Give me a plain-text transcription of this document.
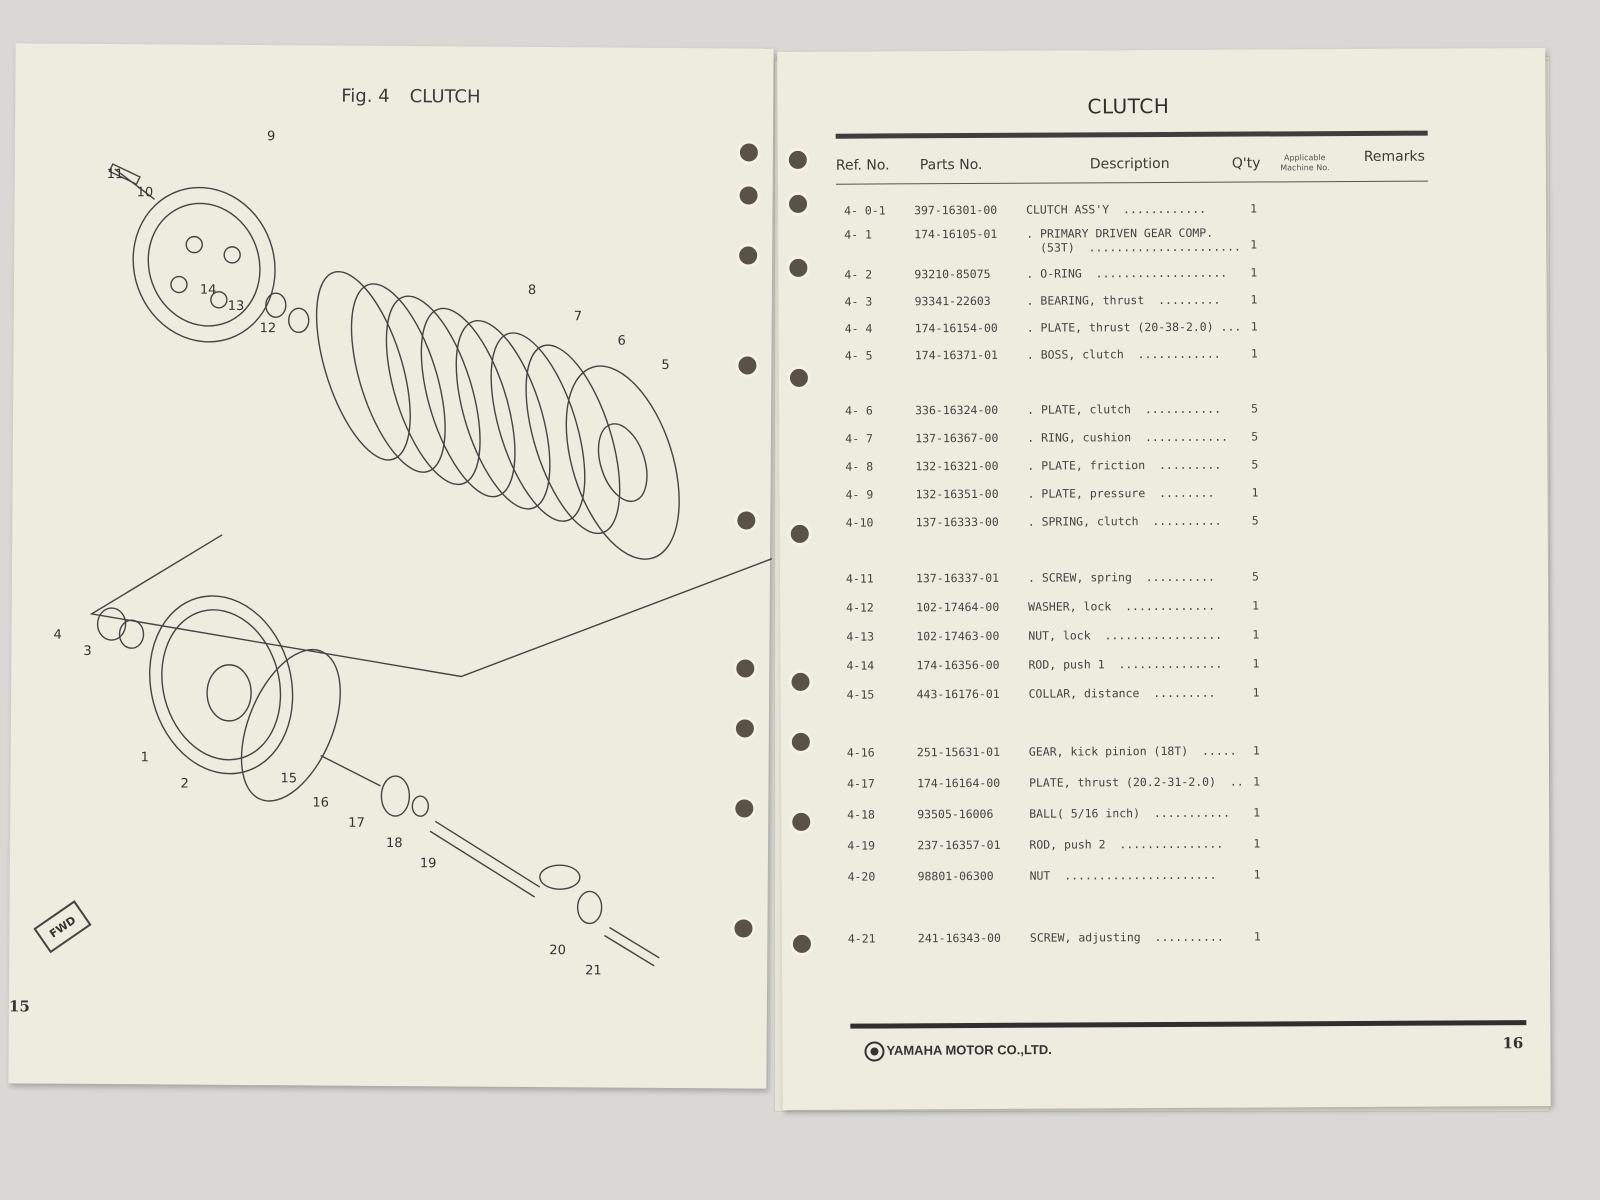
Fig. 4 CLUTCH
11
10
9
14
13
12
8
7
6
5
4
3
1
2	15
16
17
18
19
20
21
FWD
15
CLUTCH
Ref. No. Parts No.	Description	Q'ty	Applicable Machine No.
Remarks
4- 0-1	397-16301-00	CLUTCH ASS'Y  ............	1
4- 1	174-16105-01	. PRIMARY DRIVEN GEAR COMP.
(53T)  ...................... 1
4- 2	93210-85075	. O-RING  ...................	1
4- 3	93341-22603	. BEARING, thrust  .........	1
4- 4	174-16154-00	. PLATE, thrust (20-38-2.0) ... 1
4- 5	174-16371-01	. BOSS, clutch  ............	1
4- 6	336-16324-00	. PLATE, clutch  ...........	5
4- 7	137-16367-00	. RING, cushion  ............	5
4- 8	132-16321-00	. PLATE, friction  .........	5
4- 9	132-16351-00	. PLATE, pressure  ........	1
4-10	137-16333-00	. SPRING, clutch  ..........	5
4-11	137-16337-01	. SCREW, spring  ..........	5
4-12	102-17464-00	WASHER, lock  .............	1
4-13	102-17463-00	NUT, lock  .................	1
4-14	174-16356-00	ROD, push 1  ...............	1
4-15	443-16176-01	COLLAR, distance  .........	1
4-16	251-15631-01	GEAR, kick pinion (18T)  .....	1
4-17	174-16164-00	PLATE, thrust (20.2-31-2.0)  .. 1
4-18	93505-16006	BALL( 5/16 inch)  ...........	1
4-19	237-16357-01	ROD, push 2  ...............	1
4-20	98801-06300	NUT  ......................	1
4-21	241-16343-00	SCREW, adjusting  ..........	1
YAMAHA MOTOR CO.,LTD.	16
